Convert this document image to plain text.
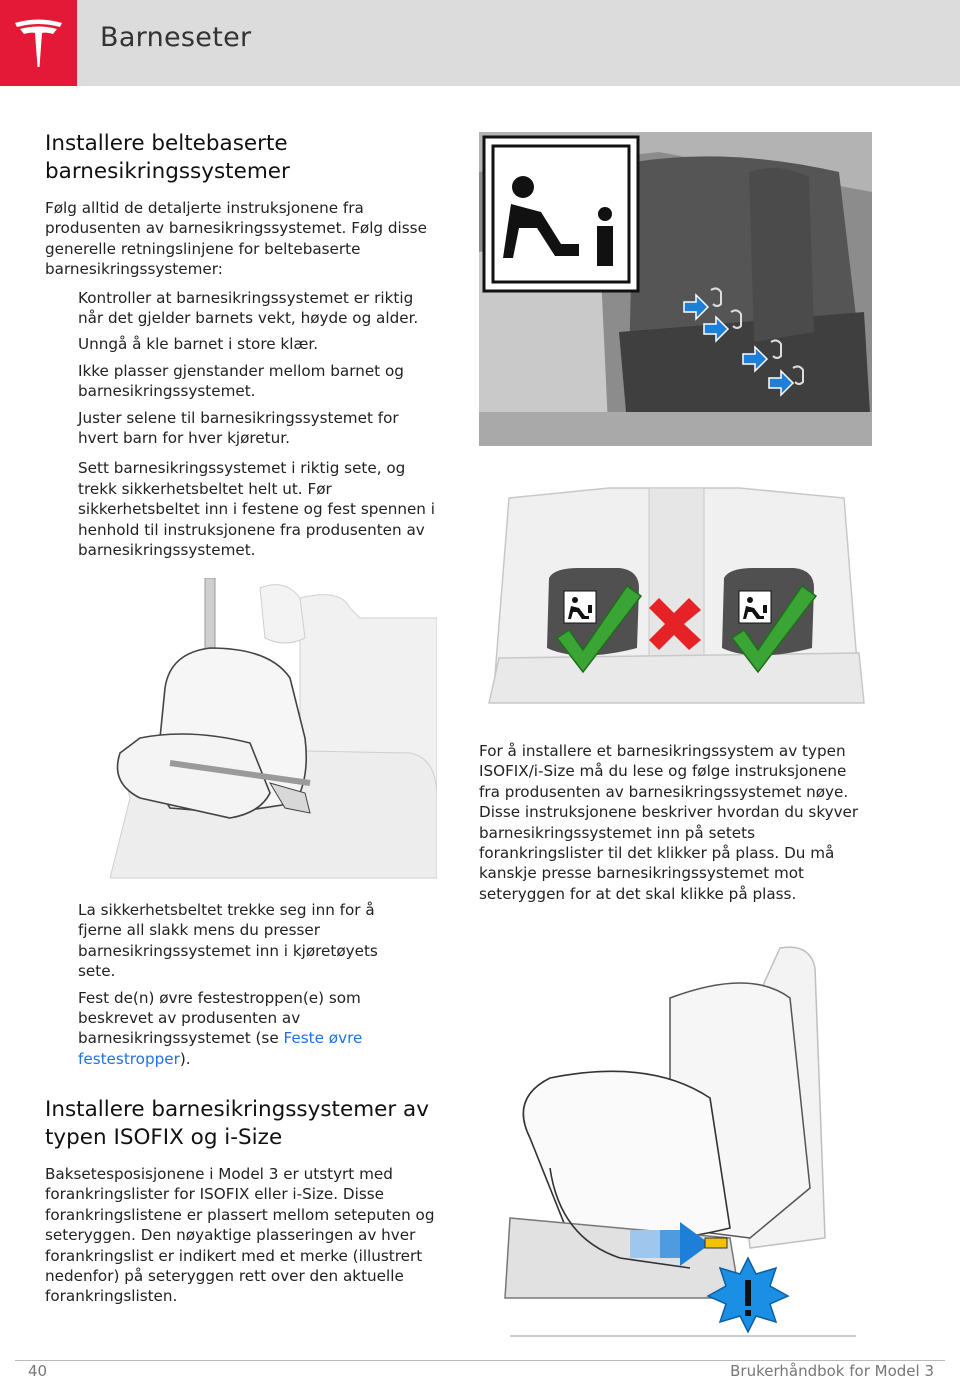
Barneseter
Installere beltebaserte barnesikringssystemer

Følg alltid de detaljerte instruksjonene fra produsenten av barnesikringssystemet. Følg disse generelle retningslinjene for beltebaserte barnesikringssystemer:

Kontroller at barnesikringssystemet er riktig når det gjelder barnets vekt, høyde og alder.

Unngå å kle barnet i store klær.

Ikke plasser gjenstander mellom barnet og barnesikringssystemet.

Juster selene til barnesikringssystemet for hvert barn for hver kjøretur.

Sett barnesikringssystemet i riktig sete, og trekk sikkerhetsbeltet helt ut. Før sikkerhetsbeltet inn i festene og fest spennen i henhold til instruksjonene fra produsenten av barnesikringssystemet.

La sikkerhetsbeltet trekke seg inn for å fjerne all slakk mens du presser barnesikringssystemet inn i kjøretøyets sete.

Fest de(n) øvre festestroppen(e) som beskrevet av produsenten av barnesikringssystemet (se Feste øvre festestropper).

Installere barnesikringssystemer av typen ISOFIX og i-Size

Baksetesposisjonene i Model 3 er utstyrt med forankringslister for ISOFIX eller i-Size. Disse forankringslistene er plassert mellom seteputen og seteryggen. Den nøyaktige plasseringen av hver forankringslist er indikert med et merke (illustrert nedenfor) på seteryggen rett over den aktuelle forankringslisten.

For å installere et barnesikringssystem av typen ISOFIX/i-Size må du lese og følge instruksjonene fra produsenten av barnesikringssystemet nøye. Disse instruksjonene beskriver hvordan du skyver barnesikringssystemet inn på setets forankringslister til det klikker på plass. Du må kanskje presse barnesikringssystemet mot seteryggen for at det skal klikke på plass.

40	Brukerhåndbok for Model 3
